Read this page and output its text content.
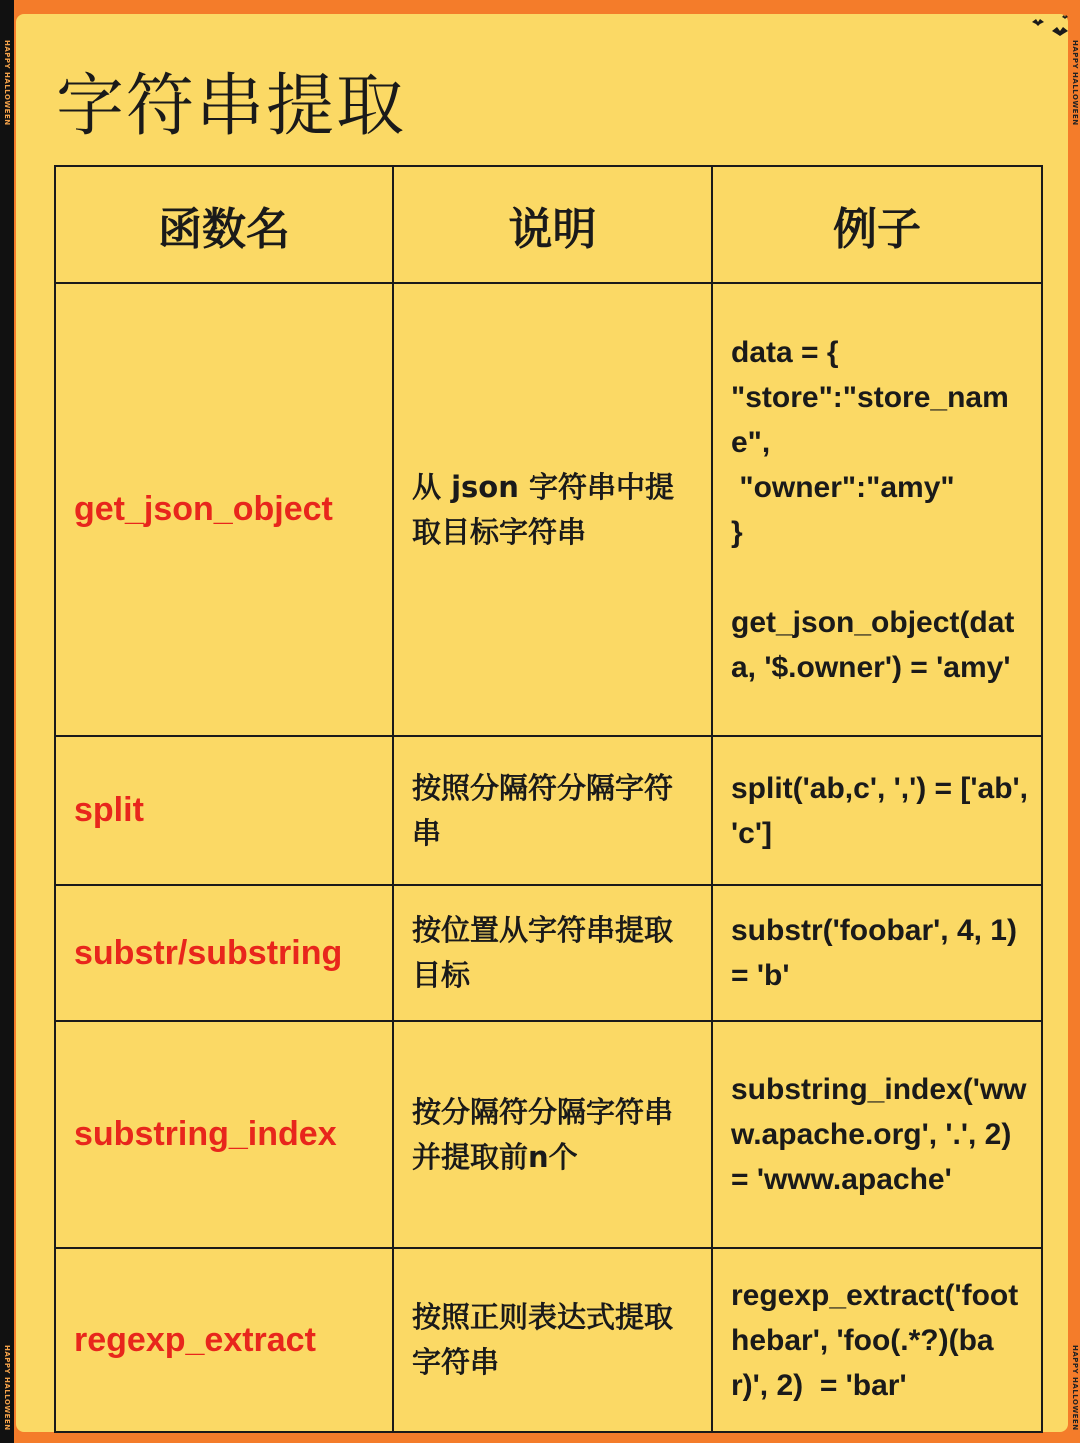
HAPPY HALLOWEEN
HAPPY HALLOWEEN
HAPPY HALLOWEEN
HAPPY HALLOWEEN
字符串提取
函数名	说明	例子
get_json_object	从 json 字符串中提取目标字符串	data = {
"store":"store_name",
"owner":"amy"
}

get_json_object(data, '$.owner') = 'amy'
split	按照分隔符分隔字符串	split('ab,c', ',') = ['ab', 'c']
substr/substring	按位置从字符串提取目标	substr('foobar', 4, 1) = 'b'
substring_index	按分隔符分隔字符串并提取前n个	substring_index('www.apache.org', '.', 2) = 'www.apache'
regexp_extract	按照正则表达式提取字符串	regexp_extract('foothebar', 'foo(.*?)(bar)', 2)  = 'bar'
